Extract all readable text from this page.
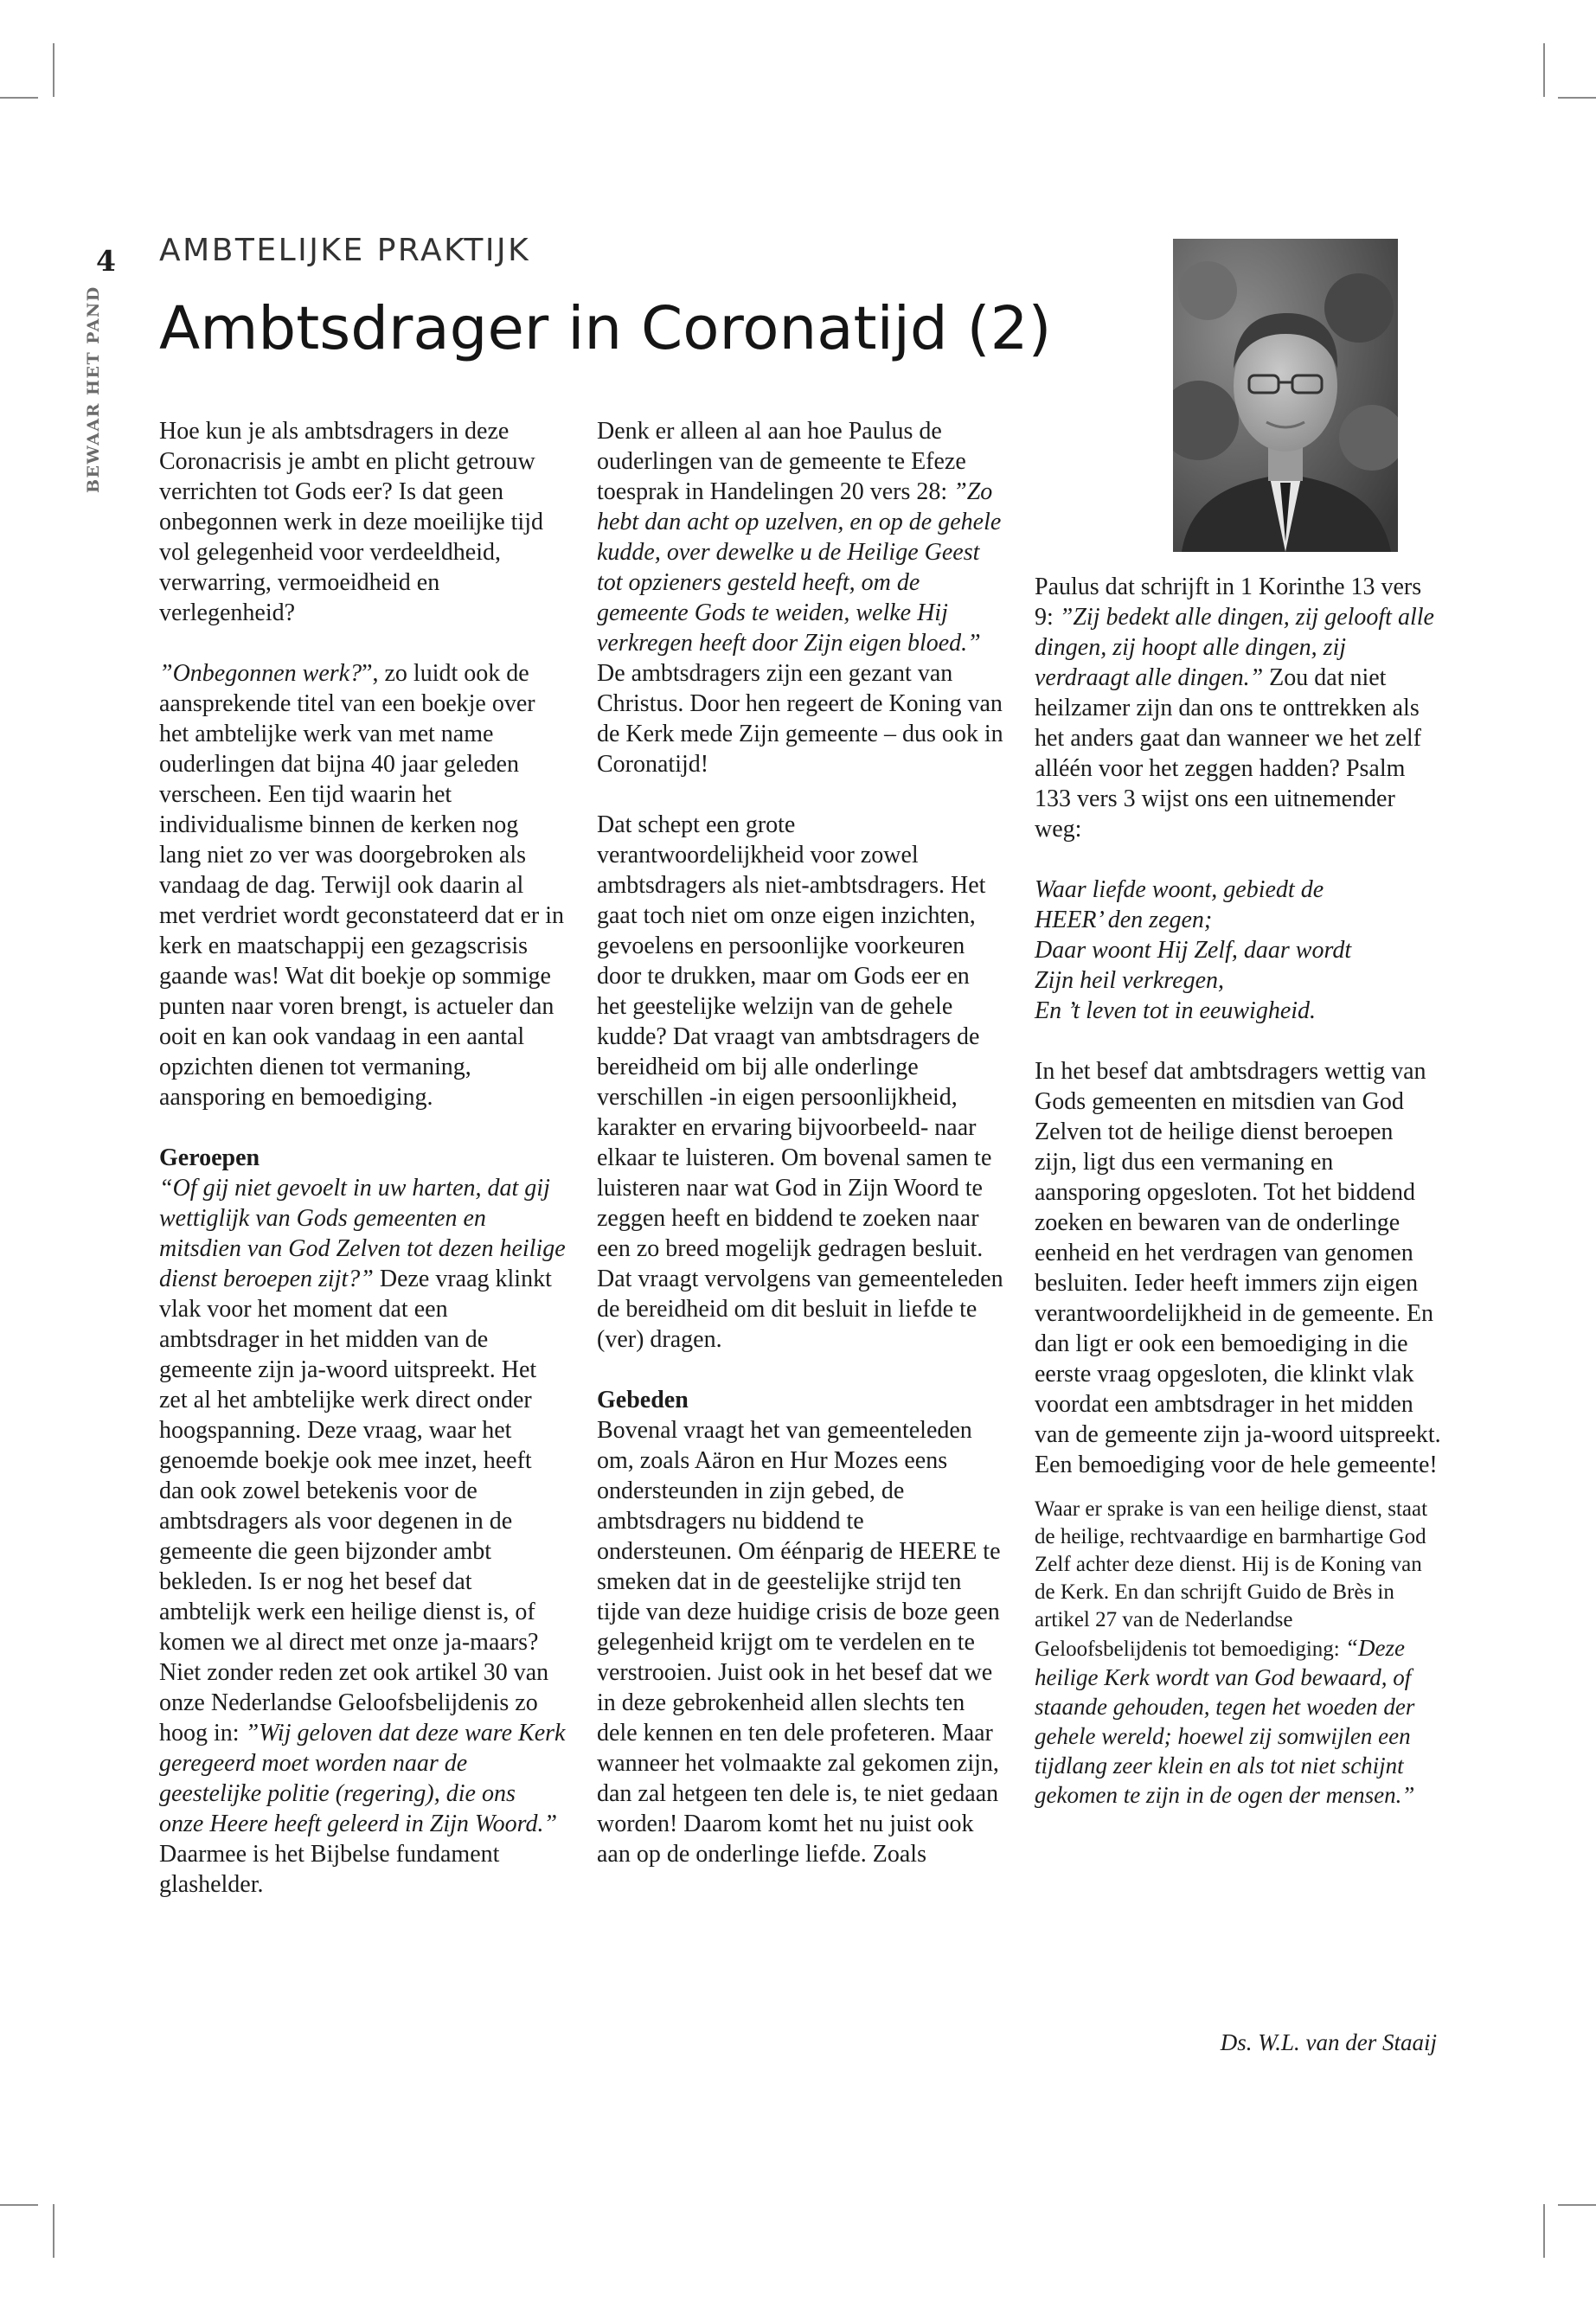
4
BEWAAR HET PAND
AMBTELIJKE PRAKTIJK
Ambtsdrager in Coronatijd (2)

Hoe kun je als ambtsdragers in deze Coronacrisis je ambt en plicht getrouw verrichten tot Gods eer? Is dat geen onbegonnen werk in deze moeilijke tijd vol gelegenheid voor verdeeldheid, verwarring, vermoeidheid en verlegenheid?

”Onbegonnen werk?”, zo luidt ook de aansprekende titel van een boekje over het ambtelijke werk van met name ouderlingen dat bijna 40 jaar geleden verscheen. Een tijd waarin het individualisme binnen de kerken nog lang niet zo ver was doorgebroken als vandaag de dag. Terwijl ook daarin al met verdriet wordt geconstateerd dat er in kerk en maatschappij een gezagscrisis gaande was! Wat dit boekje op sommige punten naar voren brengt, is actueler dan ooit en kan ook vandaag in een aantal opzichten dienen tot vermaning, aansporing en bemoediging.

Geroepen

“Of gij niet gevoelt in uw harten, dat gij wettiglijk van Gods gemeenten en mitsdien van God Zelven tot dezen heilige dienst beroepen zijt?” Deze vraag klinkt vlak voor het moment dat een ambtsdrager in het midden van de gemeente zijn ja-woord uitspreekt. Het zet al het ambtelijke werk direct onder hoogspanning. Deze vraag, waar het genoemde boekje ook mee inzet, heeft dan ook zowel betekenis voor de ambtsdragers als voor degenen in de gemeente die geen bijzonder ambt bekleden. Is er nog het besef dat ambtelijk werk een heilige dienst is, of komen we al direct met onze ja-maars?

Niet zonder reden zet ook artikel 30 van onze Nederlandse Geloofsbelijdenis zo hoog in: ”Wij geloven dat deze ware Kerk geregeerd moet worden naar de geestelijke politie (regering), die ons onze Heere heeft geleerd in Zijn Woord.” Daarmee is het Bijbelse fundament glashelder.

Denk er alleen al aan hoe Paulus de ouderlingen van de gemeente te Efeze toesprak in Handelingen 20 vers 28: ”Zo hebt dan acht op uzelven, en op de gehele kudde, over dewelke u de Heilige Geest tot opzieners gesteld heeft, om de gemeente Gods te weiden, welke Hij verkregen heeft door Zijn eigen bloed.” De ambtsdragers zijn een gezant van Christus. Door hen regeert de Koning van de Kerk mede Zijn gemeente – dus ook in Coronatijd!

Dat schept een grote verantwoordelijkheid voor zowel ambtsdragers als niet-ambtsdragers. Het gaat toch niet om onze eigen inzichten, gevoelens en persoonlijke voorkeuren door te drukken, maar om Gods eer en het geestelijke welzijn van de gehele kudde? Dat vraagt van ambtsdragers de bereidheid om bij alle onderlinge verschillen -in eigen persoonlijkheid, karakter en ervaring bijvoorbeeld- naar elkaar te luisteren. Om bovenal samen te luisteren naar wat God in Zijn Woord te zeggen heeft en biddend te zoeken naar een zo breed mogelijk gedragen besluit. Dat vraagt vervolgens van gemeenteleden de bereidheid om dit besluit in liefde te (ver) dragen.

Gebeden

Bovenal vraagt het van gemeenteleden om, zoals Aäron en Hur Mozes eens ondersteunden in zijn gebed, de ambtsdragers nu biddend te ondersteunen. Om éénparig de HEERE te smeken dat in de geestelijke strijd ten tijde van deze huidige crisis de boze geen gelegenheid krijgt om te verdelen en te verstrooien. Juist ook in het besef dat we in deze gebrokenheid allen slechts ten dele kennen en ten dele profeteren. Maar wanneer het volmaakte zal gekomen zijn, dan zal hetgeen ten dele is, te niet gedaan worden! Daarom komt het nu juist ook aan op de onderlinge liefde. Zoals

Paulus dat schrijft in 1 Korinthe 13 vers 9: ”Zij bedekt alle dingen, zij gelooft alle dingen, zij hoopt alle dingen, zij verdraagt alle dingen.” Zou dat niet heilzamer zijn dan ons te onttrekken als het anders gaat dan wanneer we het zelf alléén voor het zeggen hadden? Psalm 133 vers 3 wijst ons een uitnemender weg:

Waar liefde woont, gebiedt de
HEER’ den zegen;
Daar woont Hij Zelf, daar wordt
Zijn heil verkregen,
En ’t leven tot in eeuwigheid.

In het besef dat ambtsdragers wettig van Gods gemeenten en mitsdien van God Zelven tot de heilige dienst beroepen zijn, ligt dus een vermaning en aansporing opgesloten. Tot het biddend zoeken en bewaren van de onderlinge eenheid en het verdragen van genomen besluiten. Ieder heeft immers zijn eigen verantwoordelijkheid in de gemeente. En dan ligt er ook een bemoediging in die eerste vraag opgesloten, die klinkt vlak voordat een ambtsdrager in het midden van de gemeente zijn ja-woord uitspreekt. Een bemoediging voor de hele gemeente!

Waar er sprake is van een heilige dienst, staat de heilige, rechtvaardige en barmhartige God Zelf achter deze dienst. Hij is de Koning van de Kerk. En dan schrijft Guido de Brès in artikel 27 van de Nederlandse Geloofsbelijdenis tot bemoediging: “Deze heilige Kerk wordt van God bewaard, of staande gehouden, tegen het woeden der gehele wereld; hoewel zij somwijlen een tijdlang zeer klein en als tot niet schijnt gekomen te zijn in de ogen der mensen.”

Ds. W.L. van der Staaij
